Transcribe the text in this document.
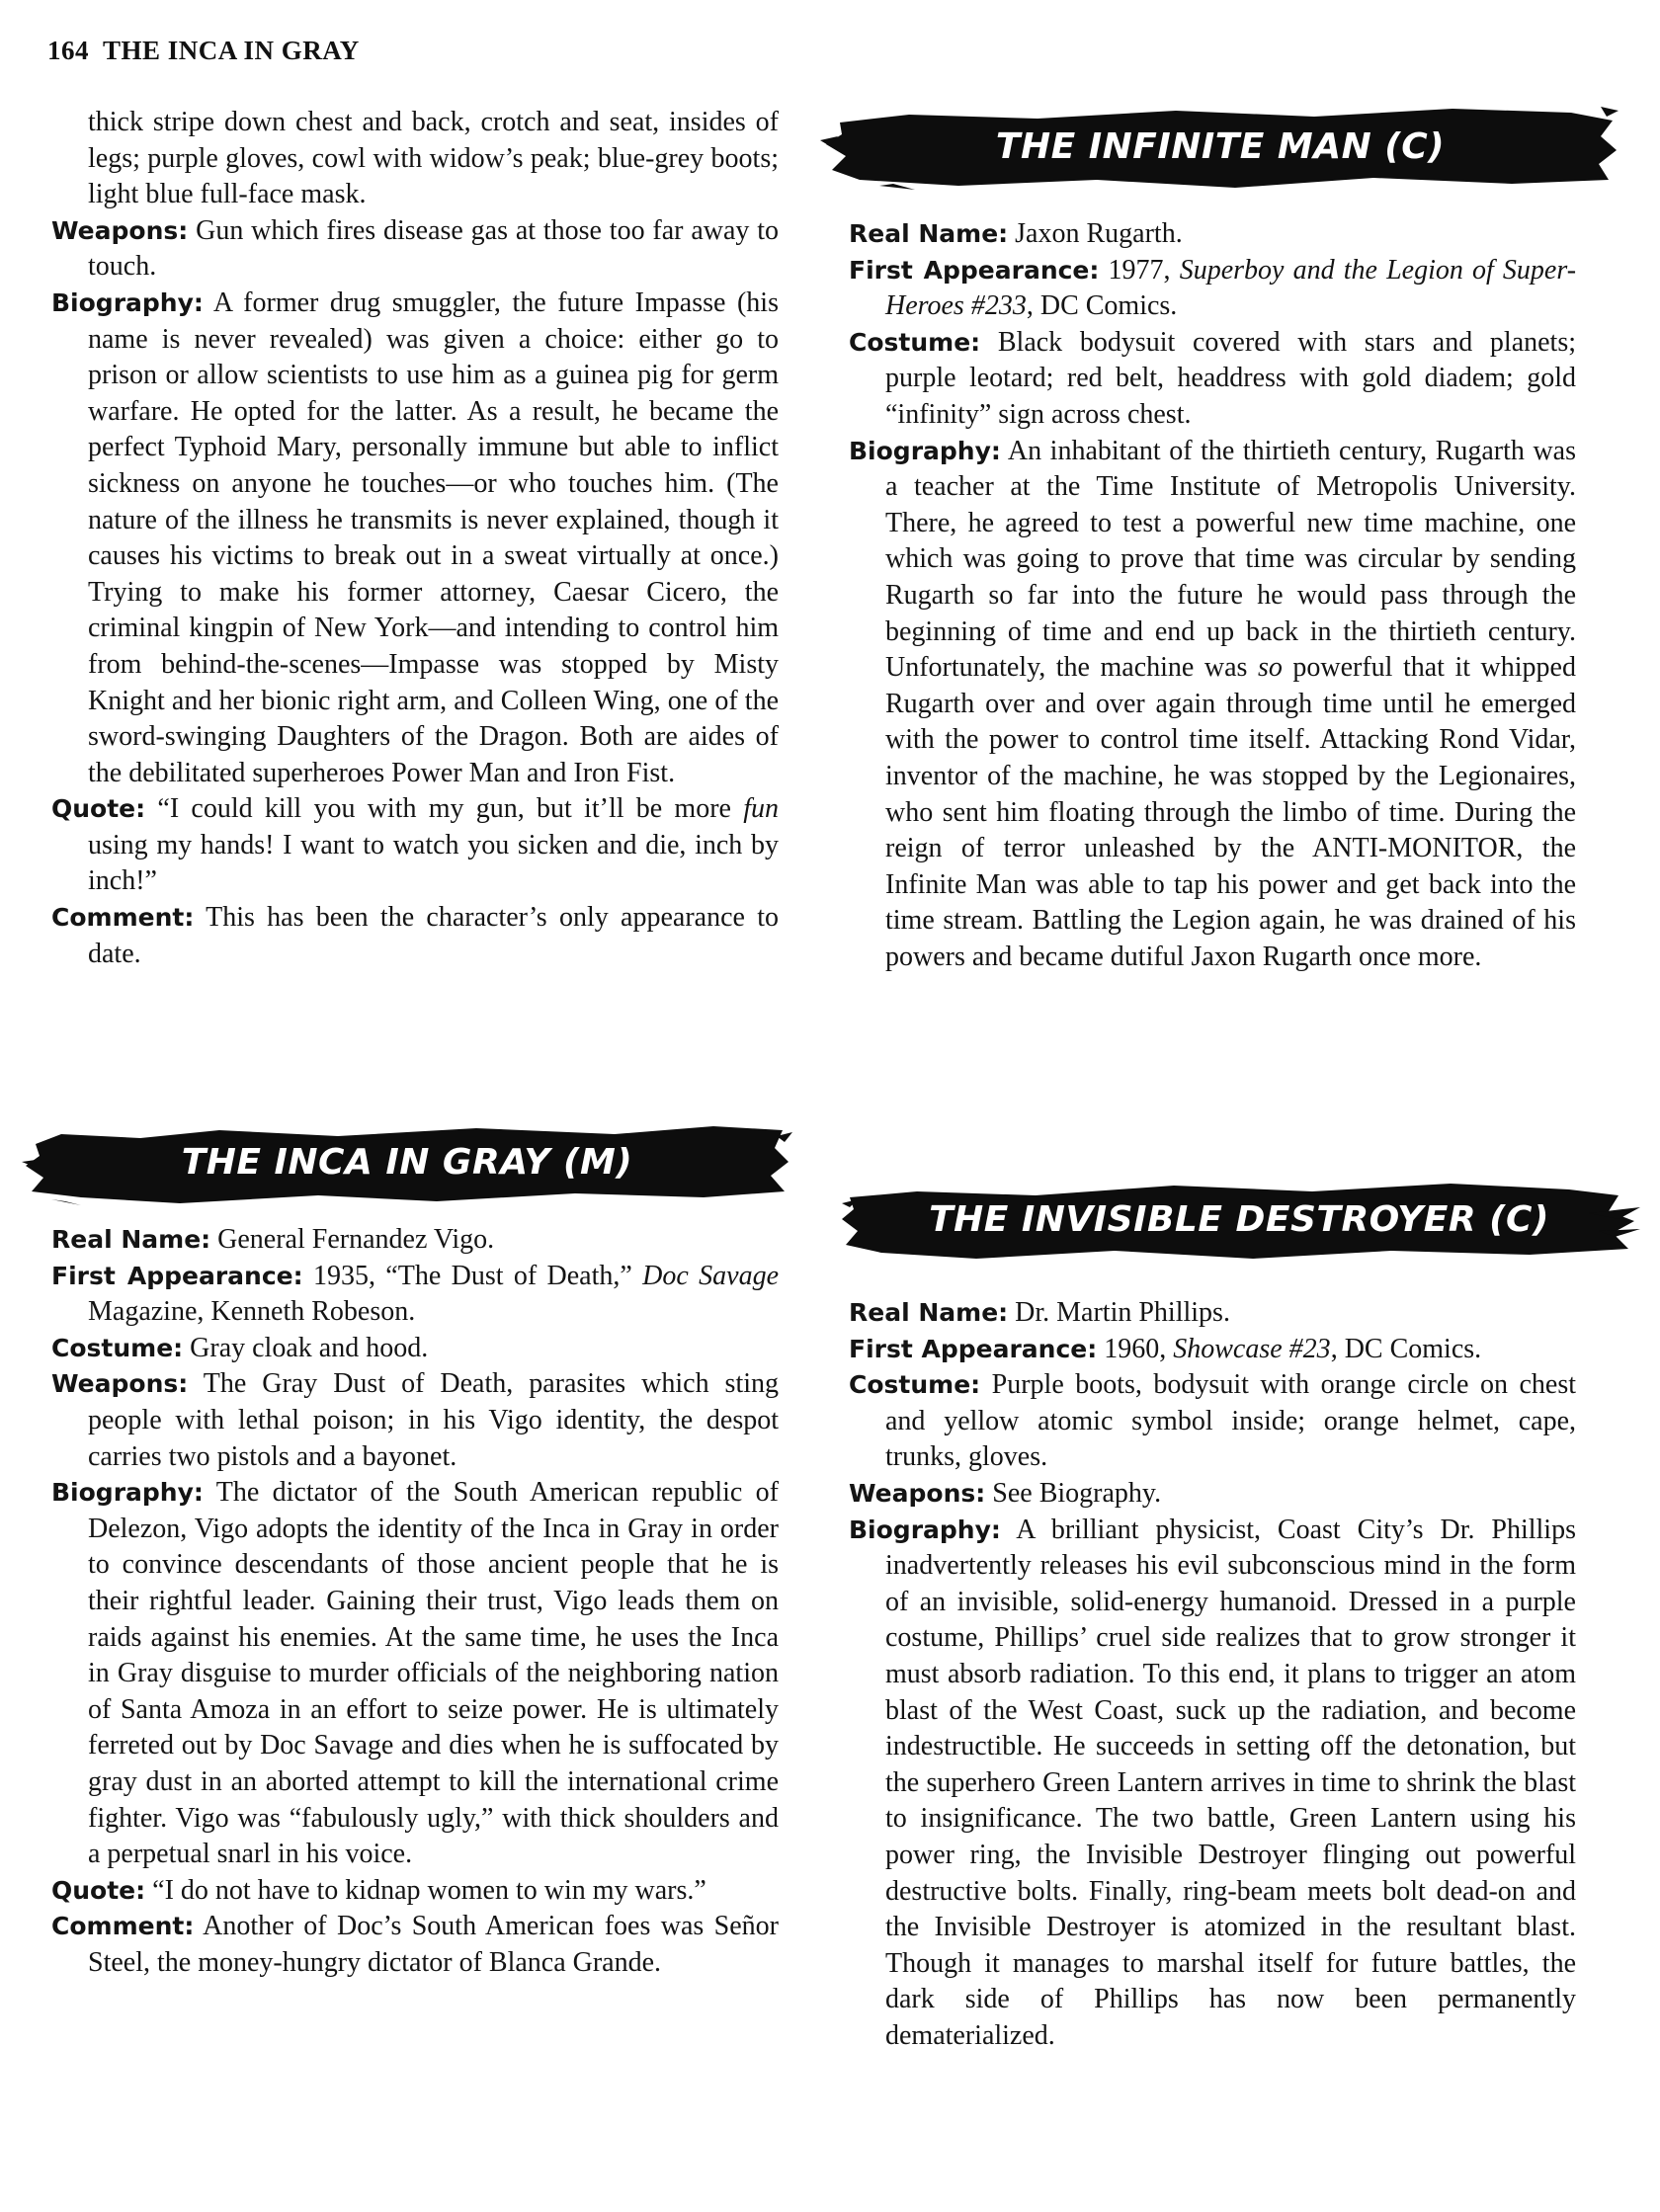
164 THE INCA IN GRAY

thick stripe down chest and back, crotch and seat, insides of legs; purple gloves, cowl with widow’s peak; blue-grey boots; light blue full-face mask.

Weapons: Gun which fires disease gas at those too far away to touch.

Biography: A former drug smuggler, the future Impasse (his name is never revealed) was given a choice: either go to prison or allow scientists to use him as a guinea pig for germ warfare. He opted for the latter. As a result, he became the perfect Typhoid Mary, personally immune but able to inflict sickness on anyone he touches—or who touches him. (The nature of the illness he transmits is never explained, though it causes his victims to break out in a sweat virtually at once.) Trying to make his former attorney, Caesar Cicero, the criminal kingpin of New York—and intending to control him from behind-the-scenes—Impasse was stopped by Misty Knight and her bionic right arm, and Colleen Wing, one of the sword-swinging Daughters of the Dragon. Both are aides of the debilitated superheroes Power Man and Iron Fist.

Quote: “I could kill you with my gun, but it’ll be more fun using my hands! I want to watch you sicken and die, inch by inch!”

Comment: This has been the character’s only appearance to date.

THE INCA IN GRAY (M)

Real Name: General Fernandez Vigo.

First Appearance: 1935, “The Dust of Death,” Doc Savage Magazine, Kenneth Robeson.

Costume: Gray cloak and hood.

Weapons: The Gray Dust of Death, parasites which sting people with lethal poison; in his Vigo identity, the despot carries two pistols and a bayonet.

Biography: The dictator of the South American republic of Delezon, Vigo adopts the identity of the Inca in Gray in order to convince descendants of those ancient people that he is their rightful leader. Gaining their trust, Vigo leads them on raids against his enemies. At the same time, he uses the Inca in Gray disguise to murder officials of the neighboring nation of Santa Amoza in an effort to seize power. He is ultimately ferreted out by Doc Savage and dies when he is suffocated by gray dust in an aborted attempt to kill the international crime fighter. Vigo was “fabulously ugly,” with thick shoulders and a perpetual snarl in his voice.

Quote: “I do not have to kidnap women to win my wars.”

Comment: Another of Doc’s South American foes was Señor Steel, the money-hungry dictator of Blanca Grande.

THE INFINITE MAN (C)

Real Name: Jaxon Rugarth.

First Appearance: 1977, Superboy and the Legion of Super-Heroes #233, DC Comics.

Costume: Black bodysuit covered with stars and planets; purple leotard; red belt, headdress with gold diadem; gold “infinity” sign across chest.

Biography: An inhabitant of the thirtieth century, Rugarth was a teacher at the Time Institute of Metropolis University. There, he agreed to test a powerful new time machine, one which was going to prove that time was circular by sending Rugarth so far into the future he would pass through the beginning of time and end up back in the thirtieth century. Unfortunately, the machine was so powerful that it whipped Rugarth over and over again through time until he emerged with the power to control time itself. Attacking Rond Vidar, inventor of the machine, he was stopped by the Legionaires, who sent him floating through the limbo of time. During the reign of terror unleashed by the ANTI-MONITOR, the Infinite Man was able to tap his power and get back into the time stream. Battling the Legion again, he was drained of his powers and became dutiful Jaxon Rugarth once more.

THE INVISIBLE DESTROYER (C)

Real Name: Dr. Martin Phillips.

First Appearance: 1960, Showcase #23, DC Comics.

Costume: Purple boots, bodysuit with orange circle on chest and yellow atomic symbol inside; orange helmet, cape, trunks, gloves.

Weapons: See Biography.

Biography: A brilliant physicist, Coast City’s Dr. Phillips inadvertently releases his evil subconscious mind in the form of an invisible, solid-energy humanoid. Dressed in a purple costume, Phillips’ cruel side realizes that to grow stronger it must absorb radiation. To this end, it plans to trigger an atom blast of the West Coast, suck up the radiation, and become indestructible. He succeeds in setting off the detonation, but the superhero Green Lantern arrives in time to shrink the blast to insignificance. The two battle, Green Lantern using his power ring, the Invisible Destroyer flinging out powerful destructive bolts. Finally, ring-beam meets bolt dead-on and the Invisible Destroyer is atomized in the resultant blast. Though it manages to marshal itself for future battles, the dark side of Phillips has now been permanently dematerialized.
